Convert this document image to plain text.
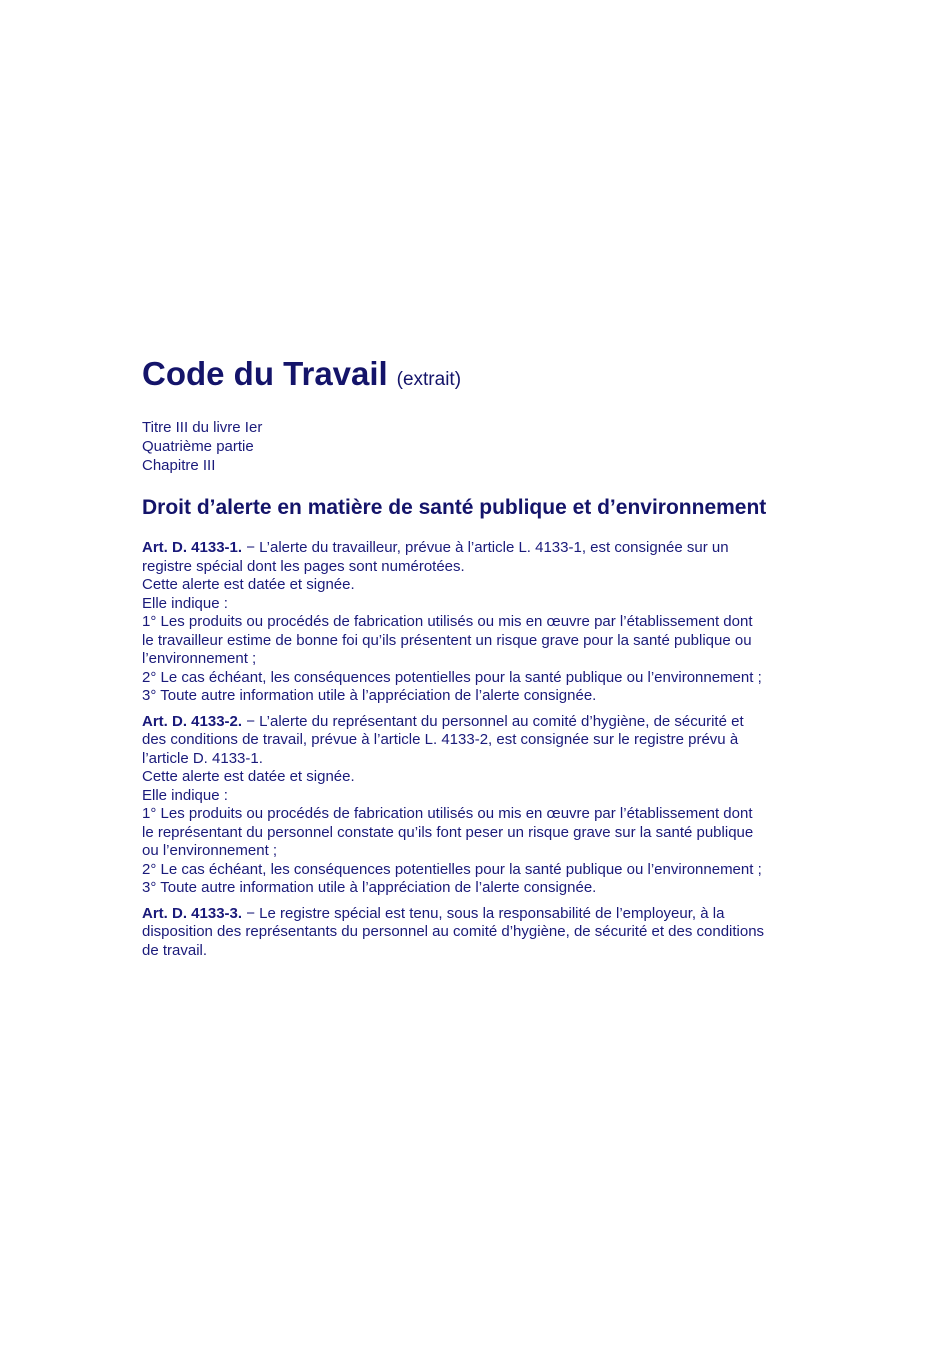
Code du Travail (extrait)
Titre III du livre Ier
Quatrième partie
Chapitre III
Droit d’alerte en matière de santé publique et d’environnement
Art. D. 4133-1. − L’alerte du travailleur, prévue à l’article L. 4133-1, est consignée sur un
registre spécial dont les pages sont numérotées.
Cette alerte est datée et signée.
Elle indique :
1° Les produits ou procédés de fabrication utilisés ou mis en œuvre par l’établissement dont
le travailleur estime de bonne foi qu’ils présentent un risque grave pour la santé publique ou
l’environnement ;
2° Le cas échéant, les conséquences potentielles pour la santé publique ou l’environnement ;
3° Toute autre information utile à l’appréciation de l’alerte consignée.
Art. D. 4133-2. − L’alerte du représentant du personnel au comité d’hygiène, de sécurité et
des conditions de travail, prévue à l’article L. 4133-2, est consignée sur le registre prévu à
l’article D. 4133-1.
Cette alerte est datée et signée.
Elle indique :
1° Les produits ou procédés de fabrication utilisés ou mis en œuvre par l’établissement dont
le représentant du personnel constate qu’ils font peser un risque grave sur la santé publique
ou l’environnement ;
2° Le cas échéant, les conséquences potentielles pour la santé publique ou l’environnement ;
3° Toute autre information utile à l’appréciation de l’alerte consignée.
Art. D. 4133-3. − Le registre spécial est tenu, sous la responsabilité de l’employeur, à la
disposition des représentants du personnel au comité d’hygiène, de sécurité et des conditions
de travail.
